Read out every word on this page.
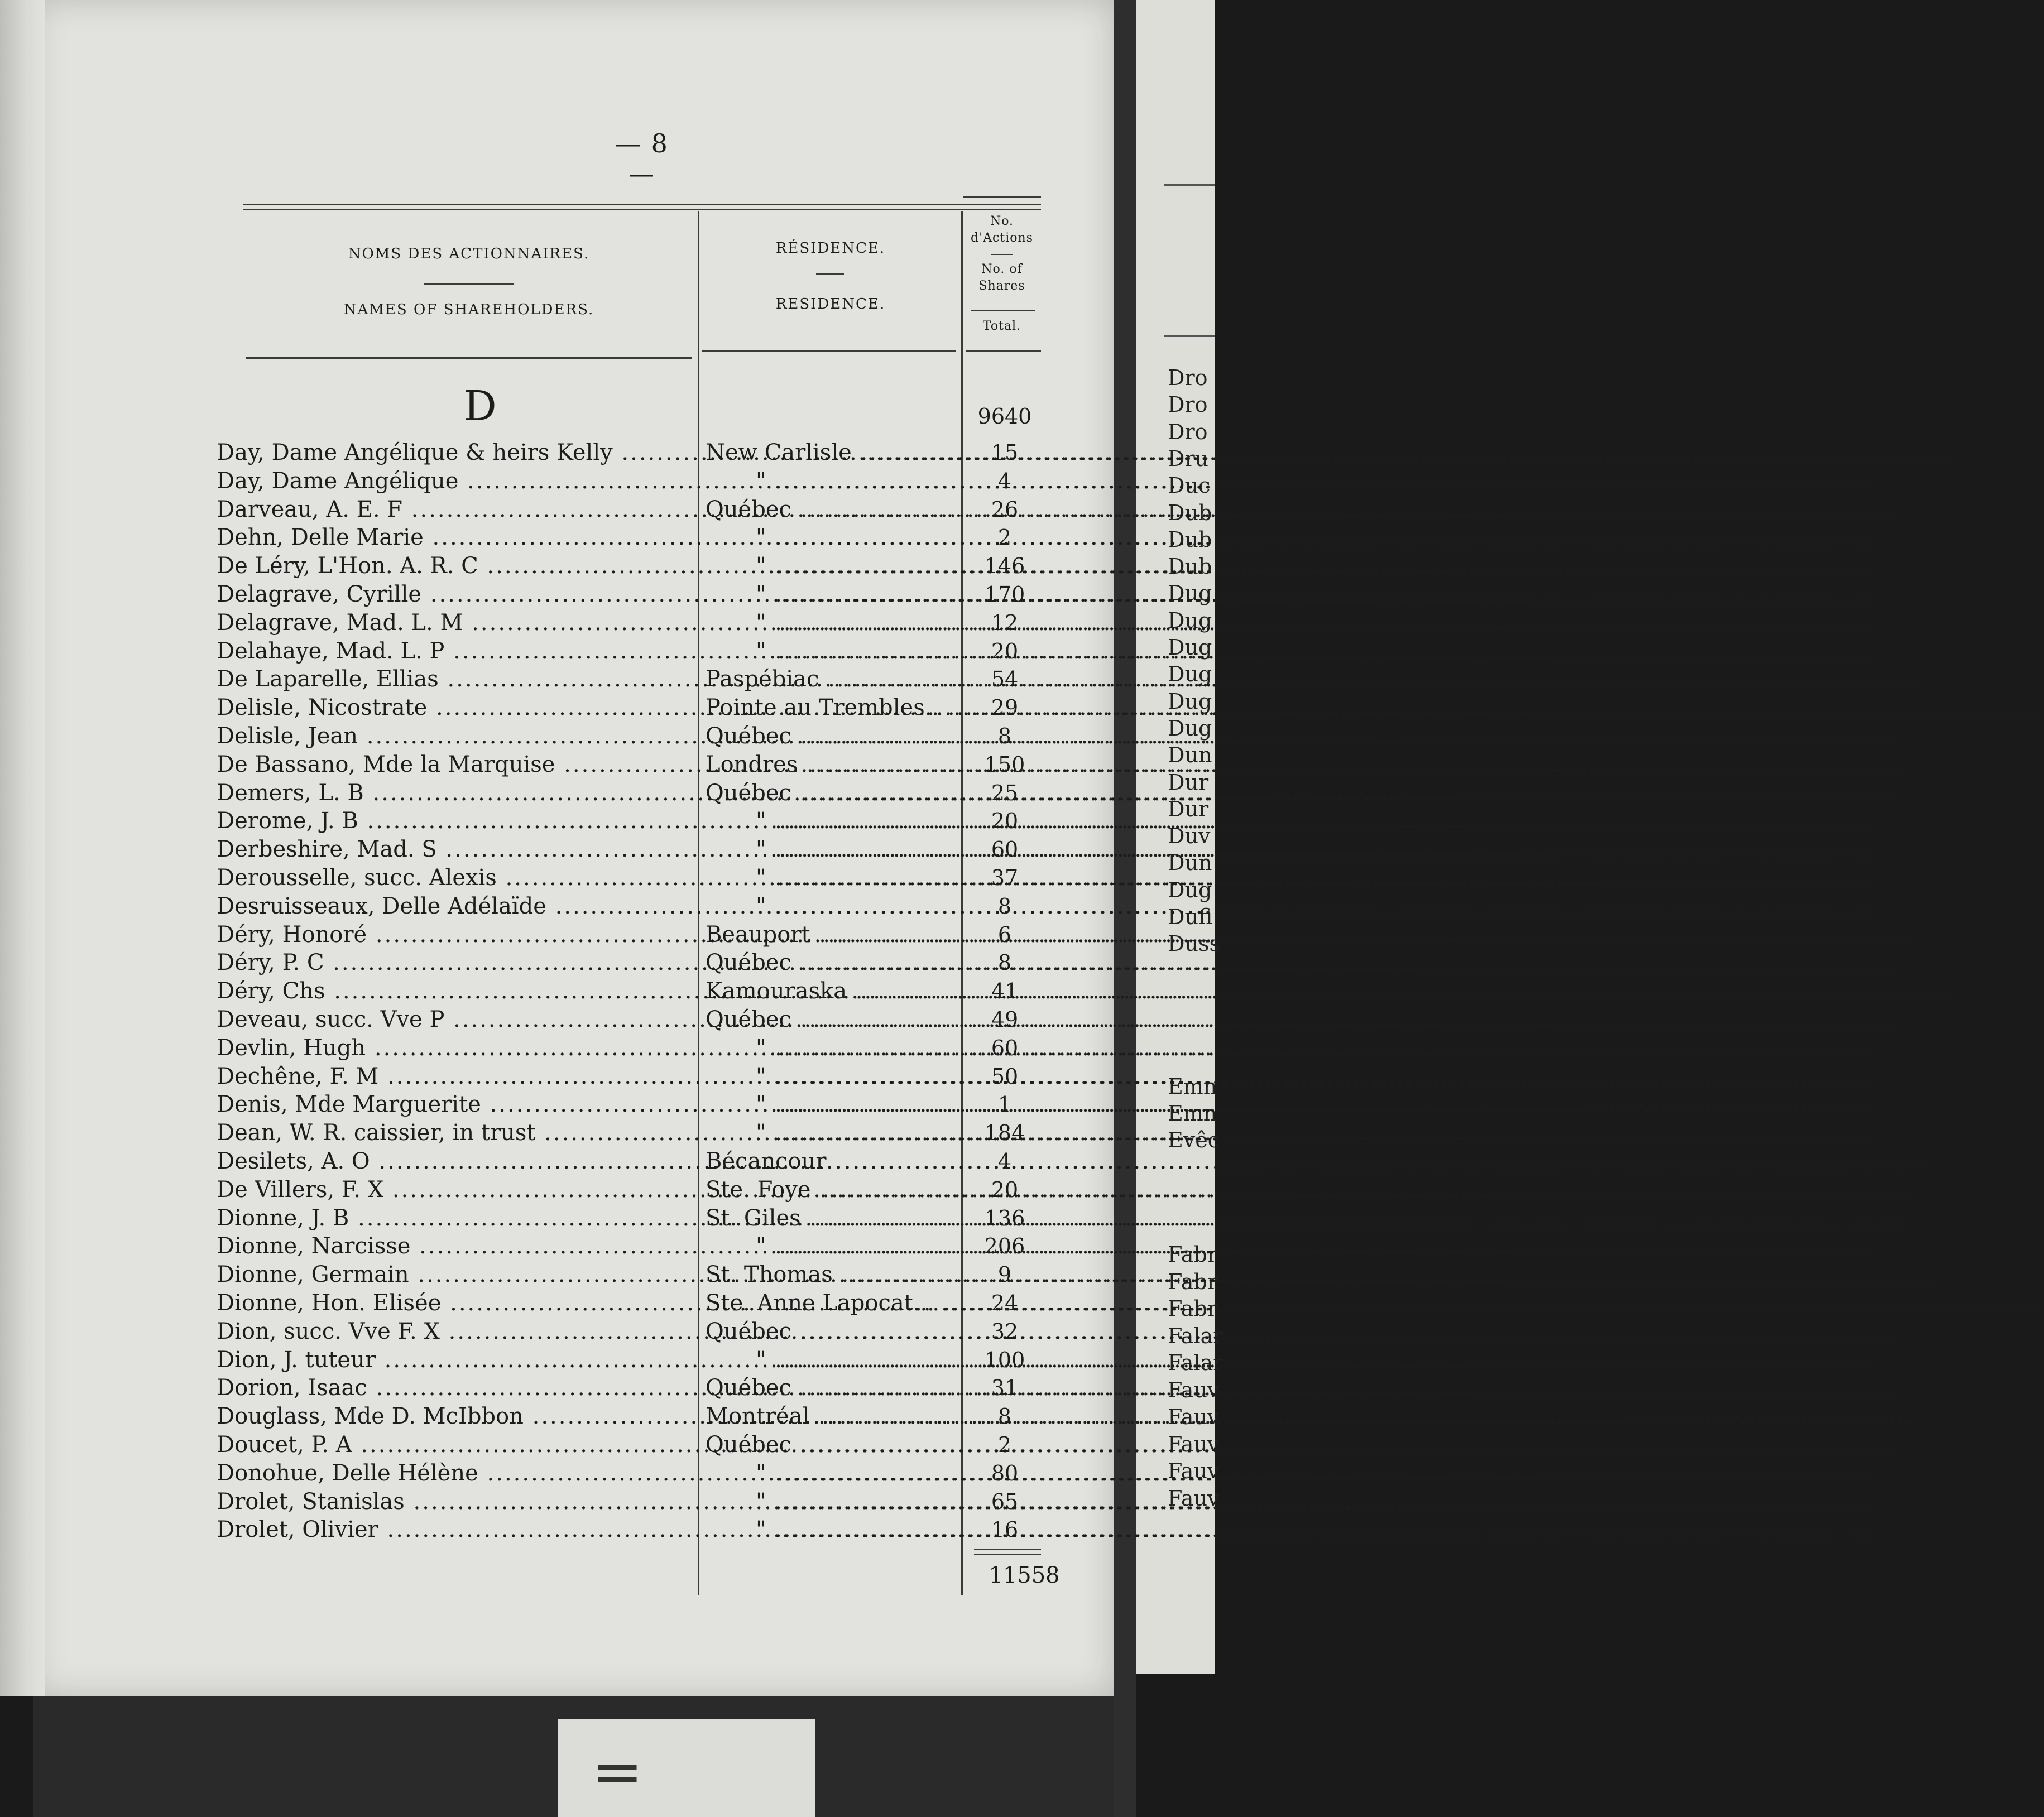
=
Dro
Dro
Dro
Dru
Duc
Dub
Dub
Dub
Dug
Dug
Dug
Dug
Dug
Dug
Dun
Dur
Dur
Duv
Dun
Dug
Dufi
Duss
Emn
Emn
Evêc
Fabr
Fabr
Fabr
Falar
Falar
Fauv
Fauv
Fauv
Fauv
Fauv
— 8 —
NOMS DES ACTIONNAIRES.
NAMES OF SHAREHOLDERS.
RÉSIDENCE.
RESIDENCE.
No. d'Actions
No. of Shares
Total.
D	9640
Day, Dame Angélique & heirs Kelly .....	New Carlisle .....	15
Day, Dame Angélique .....	" .....	4
Darveau, A. E. F .....	Québec .....	26
Dehn, Delle Marie .....	" .....	2
De Léry, L'Hon. A. R. C .....	" .....	146
Delagrave, Cyrille .....	" .....	170
Delagrave, Mad. L. M .....	" .....	12
Delahaye, Mad. L. P .....	" .....	20
De Laparelle, Ellias .....	Paspébiac .....	54
Delisle, Nicostrate .....	Pointe au Trembles.. .....	29
Delisle, Jean .....	Québec .....	8
De Bassano, Mde la Marquise .....	Londres .....	150
Demers, L. B .....	Québec .....	25
Derome, J. B .....	" .....	20
Derbeshire, Mad. S .....	" .....	60
Derousselle, succ. Alexis .....	" .....	37
Desruisseaux, Delle Adélaïde .....	" .....	8
Déry, Honoré .....	Beauport .....	6
Déry, P. C .....	Québec .....	8
Déry, Chs .....	Kamouraska .....	41
Deveau, succ. Vve P .....	Québec .....	49
Devlin, Hugh .....	" .....	60
Dechêne, F. M .....	" .....	50
Denis, Mde Marguerite .....	" .....	1
Dean, W. R. caissier, in trust .....	" .....	184
Desilets, A. O .....	Bécancour .....	4
De Villers, F. X .....	Ste. Foye .....	20
Dionne, J. B .....	St. Giles .....	136
Dionne, Narcisse .....	" .....	206
Dionne, Germain .....	St. Thomas .....	9
Dionne, Hon. Elisée .....	Ste. Anne Lapocat... .....	24
Dion, succ. Vve F. X .....	Québec .....	32
Dion, J. tuteur .....	" .....	100
Dorion, Isaac .....	Québec .....	31
Douglass, Mde D. McIbbon .....	Montréal .....	8
Doucet, P. A .....	Québec .....	2
Donohue, Delle Hélène .....	" .....	80
Drolet, Stanislas .....	" .....	65
Drolet, Olivier .....	" .....	16
11558
